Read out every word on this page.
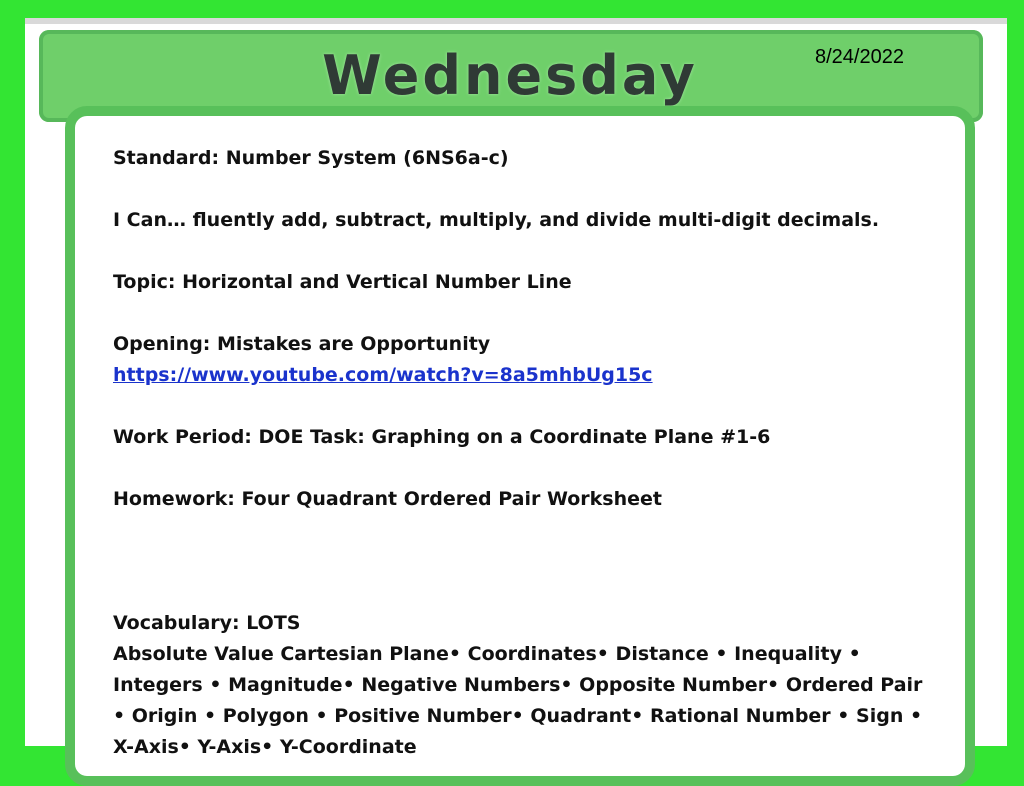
Wednesday	8/24/2022

Standard: Number System (6NS6a-c)

I Can… fluently add, subtract, multiply, and divide multi-digit decimals.

Topic: Horizontal and Vertical Number Line

Opening: Mistakes are Opportunity

https://www.youtube.com/watch?v=8a5mhbUg15c

Work Period: DOE Task: Graphing on a Coordinate Plane #1-6

Homework: Four Quadrant Ordered Pair Worksheet

Vocabulary: LOTS

Absolute Value Cartesian Plane• Coordinates• Distance • Inequality •

Integers • Magnitude• Negative Numbers• Opposite Number• Ordered Pair

• Origin • Polygon • Positive Number• Quadrant• Rational Number • Sign •

X-Axis• Y-Axis• Y-Coordinate
